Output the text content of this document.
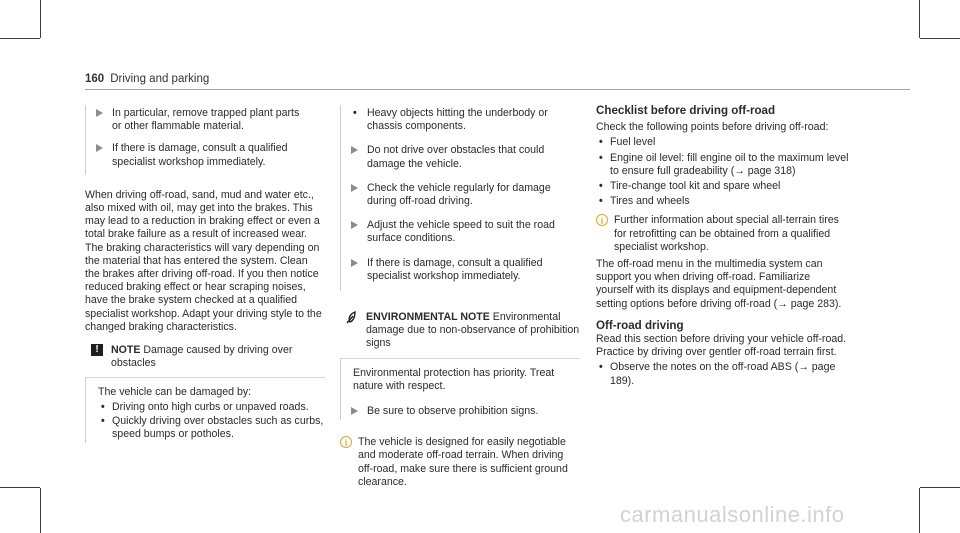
160 Driving and parking

In particular, remove trapped plant parts
or other flammable material.

If there is damage, consult a qualified
specialist workshop immediately.

When driving off-road, sand, mud and water etc., also mixed with oil, may get into the brakes. This may lead to a reduction in braking effect or even a total brake failure as a result of increased wear. The braking characteristics will vary depending on the material that has entered the system. Clean the brakes after driving off-road. If you then notice reduced braking effect or hear scraping noises, have the brake system checked at a qualified specialist workshop. Adapt your driving style to the changed braking characteristics.

!	NOTE Damage caused by driving over obstacles

The vehicle can be damaged by:

• Driving onto high curbs or unpaved roads.

• Quickly driving over obstacles such as curbs, speed bumps or potholes.

• Heavy objects hitting the underbody or chassis components.

Do not drive over obstacles that could damage the vehicle.

Check the vehicle regularly for damage during off-road driving.

Adjust the vehicle speed to suit the road surface conditions.

If there is damage, consult a qualified specialist workshop immediately.

ENVIRONMENTAL NOTE Environmental damage due to non-observance of prohibition signs

Environmental protection has priority. Treat nature with respect.

Be sure to observe prohibition signs.

i	The vehicle is designed for easily negotiable and moderate off-road terrain. When driving off-road, make sure there is sufficient ground clearance.
Checklist before driving off-road

Check the following points before driving off-road:

• Fuel level

• Engine oil level: fill engine oil to the maximum level to ensure full gradeability (→ page 318)

• Tire-change tool kit and spare wheel

• Tires and wheels

i	Further information about special all-terrain tires for retrofitting can be obtained from a qualified specialist workshop.

The off-road menu in the multimedia system can support you when driving off-road. Familiarize yourself with its displays and equipment-dependent setting options before driving off-road (→ page 283).

Off-road driving

Read this section before driving your vehicle off-road. Practice by driving over gentler off-road terrain first.

• Observe the notes on the off-road ABS (→ page 189).

carmanualsonline.info
